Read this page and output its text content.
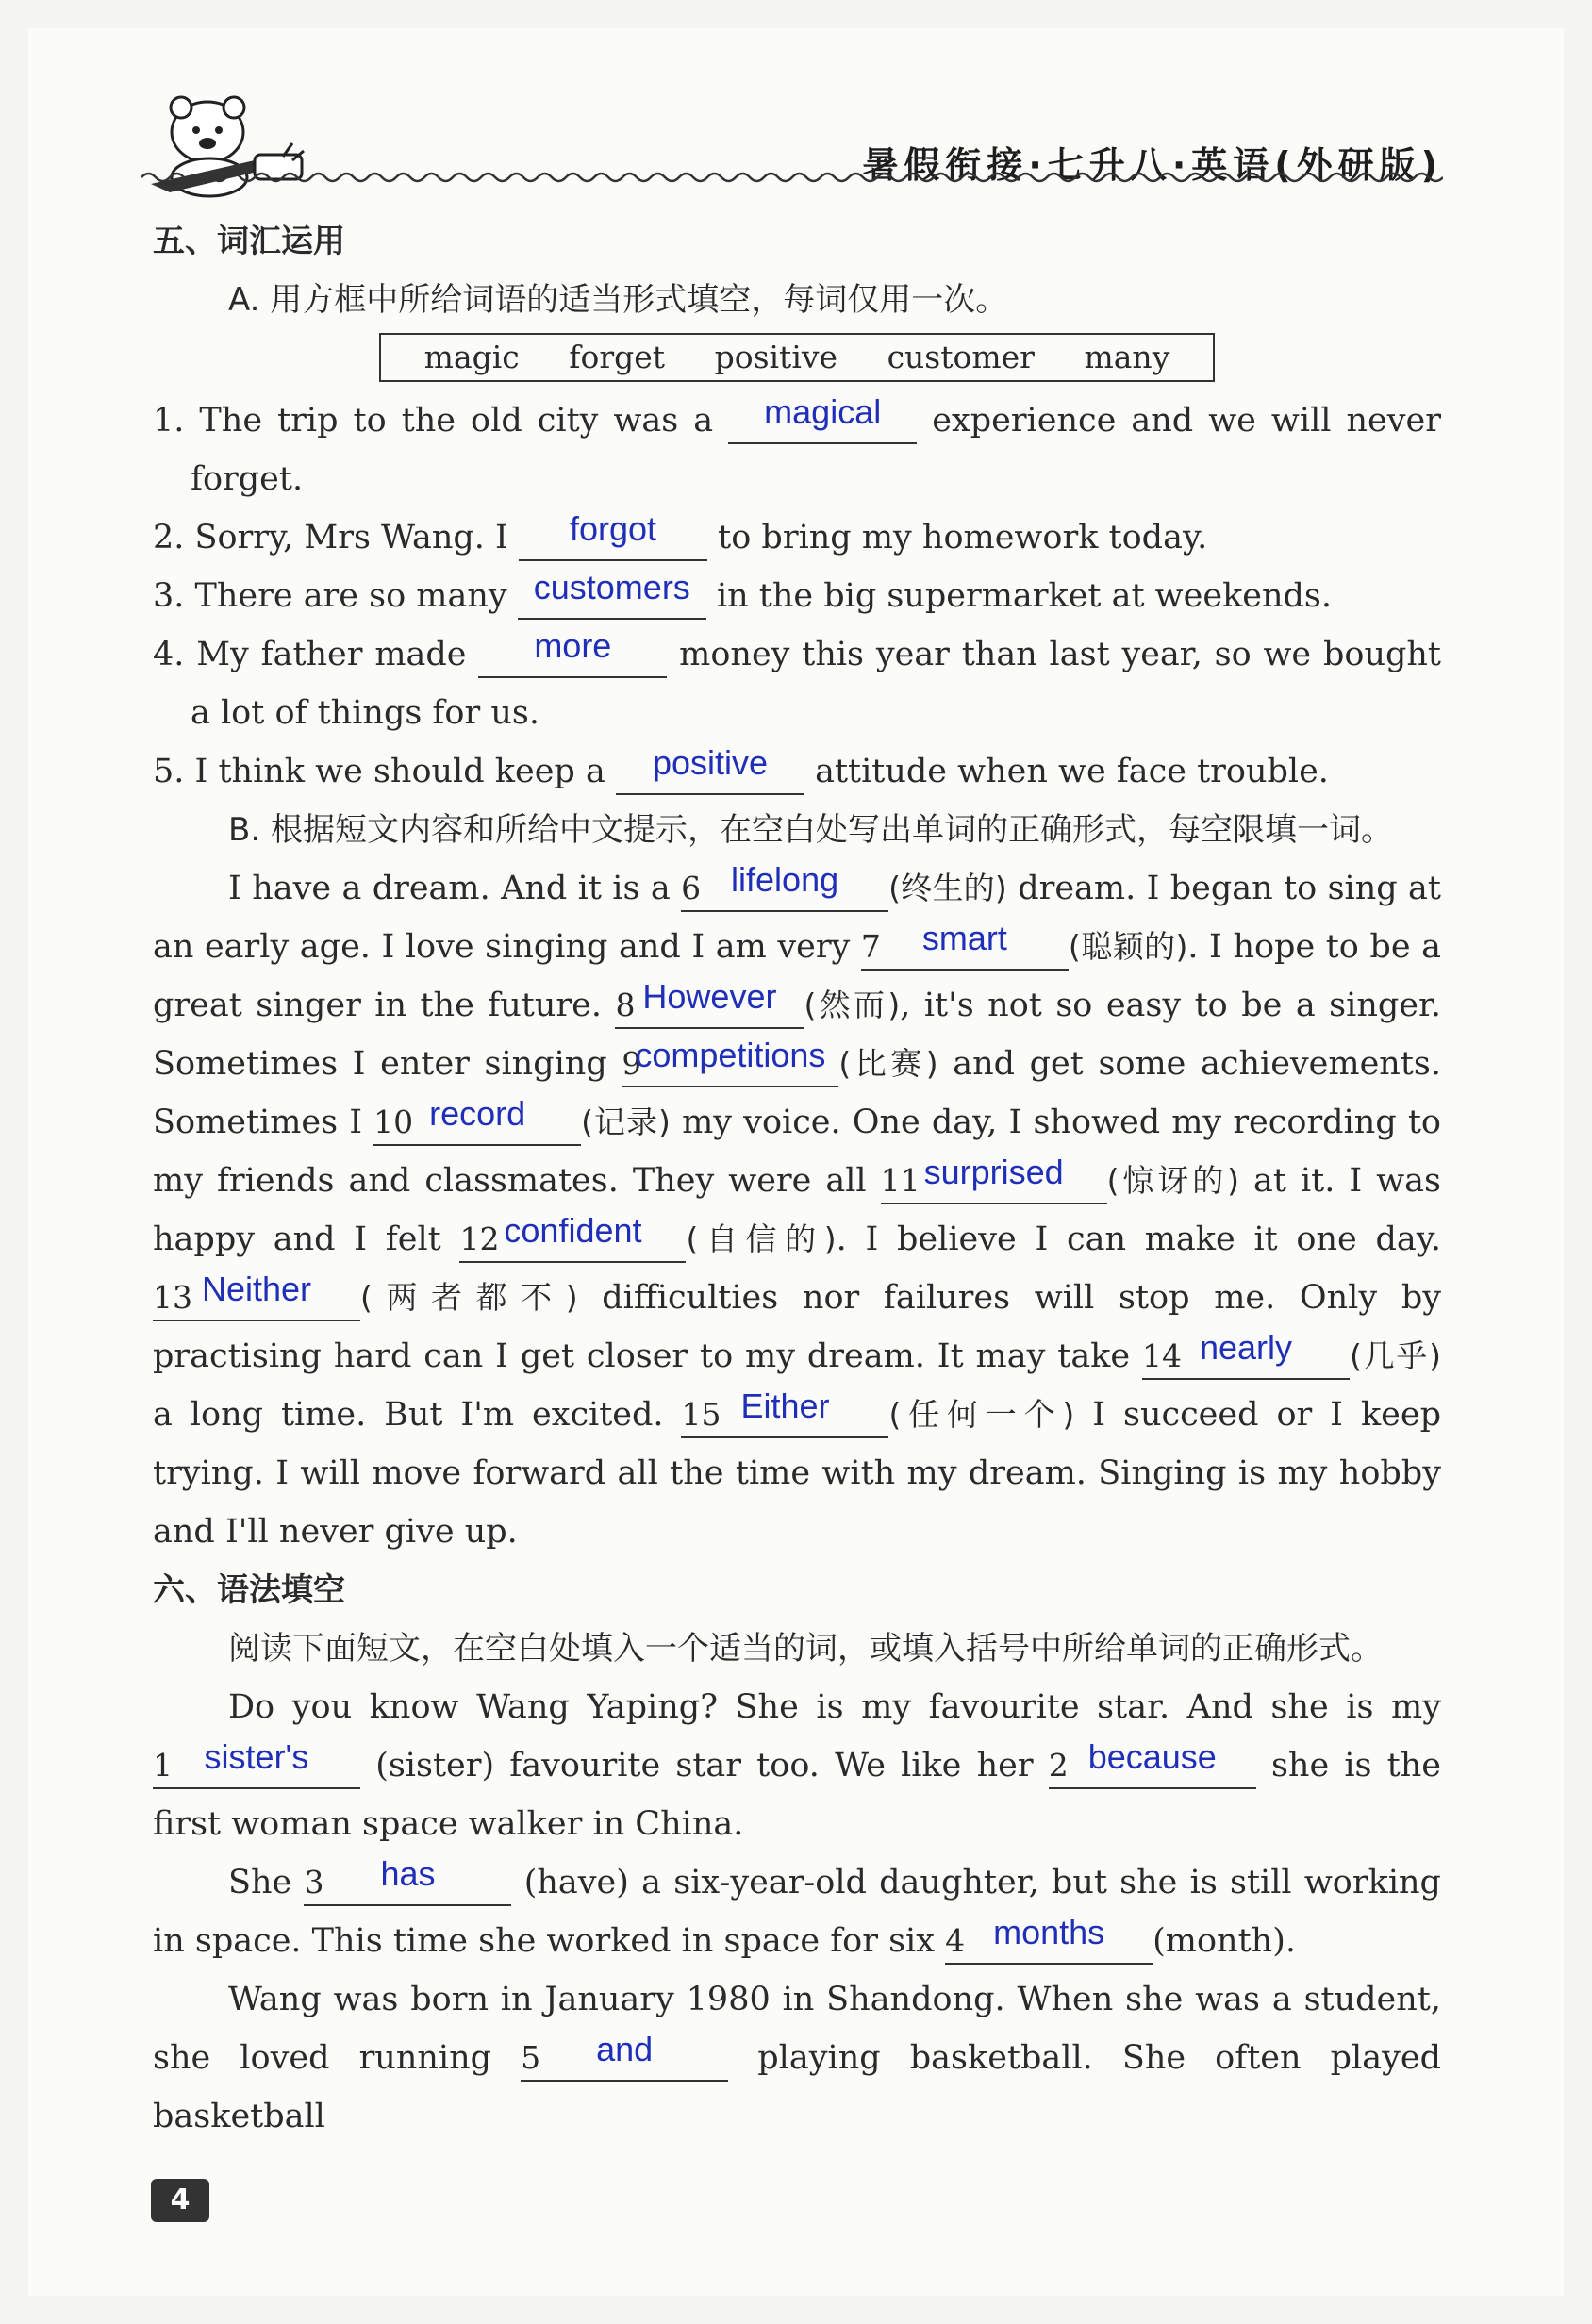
暑假衔接·七升八·英语(外研版)

五、词汇运用

A. 用方框中所给词语的适当形式填空，每词仅用一次。

magic forget positive customer many

1. The trip to the old city was a magical experience and we will never forget.

2. Sorry, Mrs Wang. I forgot to bring my homework today.

3. There are so many customers in the big supermarket at weekends.

4. My father made more money this year than last year, so we bought a lot of things for us.

5. I think we should keep a positive attitude when we face trouble.

B. 根据短文内容和所给中文提示，在空白处写出单词的正确形式，每空限填一词。

I have a dream. And it is a 6 lifelong (终生的) dream. I began to sing at an early age. I love singing and I am very 7 smart (聪颖的). I hope to be a great singer in the future. 8 However (然而), it's not so easy to be a singer. Sometimes I enter singing 9
competitions (比赛) and get some achievements. Sometimes I 10 record (记录) my voice. One day, I showed my recording to my friends and classmates. They were all 11 surprised (惊讶的) at it. I was happy and I felt 12 confident (自信的). I believe I can make it one day.
13 Neither (两者都不) difficulties nor failures will stop me. Only by practising hard can I get closer to my dream. It may take 14 nearly (几乎) a long time. But I'm excited. 15 Either (任何一个) I succeed or I keep trying. I will move forward all the time with my dream. Singing is my hobby and I'll never give up.

六、语法填空

阅读下面短文，在空白处填入一个适当的词，或填入括号中所给单词的正确形式。

Do you know Wang Yaping? She is my favourite star. And she is my
1 sister's (sister) favourite star too. We like her 2 because she is the first woman space walker in China.

She 3 has	(have) a six-year-old daughter, but she is still working in space. This time she worked in space for six 4 months (month).

Wang was born in January 1980 in Shandong. When she was a student, she loved running 5 and	playing basketball. She often played basketball

4
